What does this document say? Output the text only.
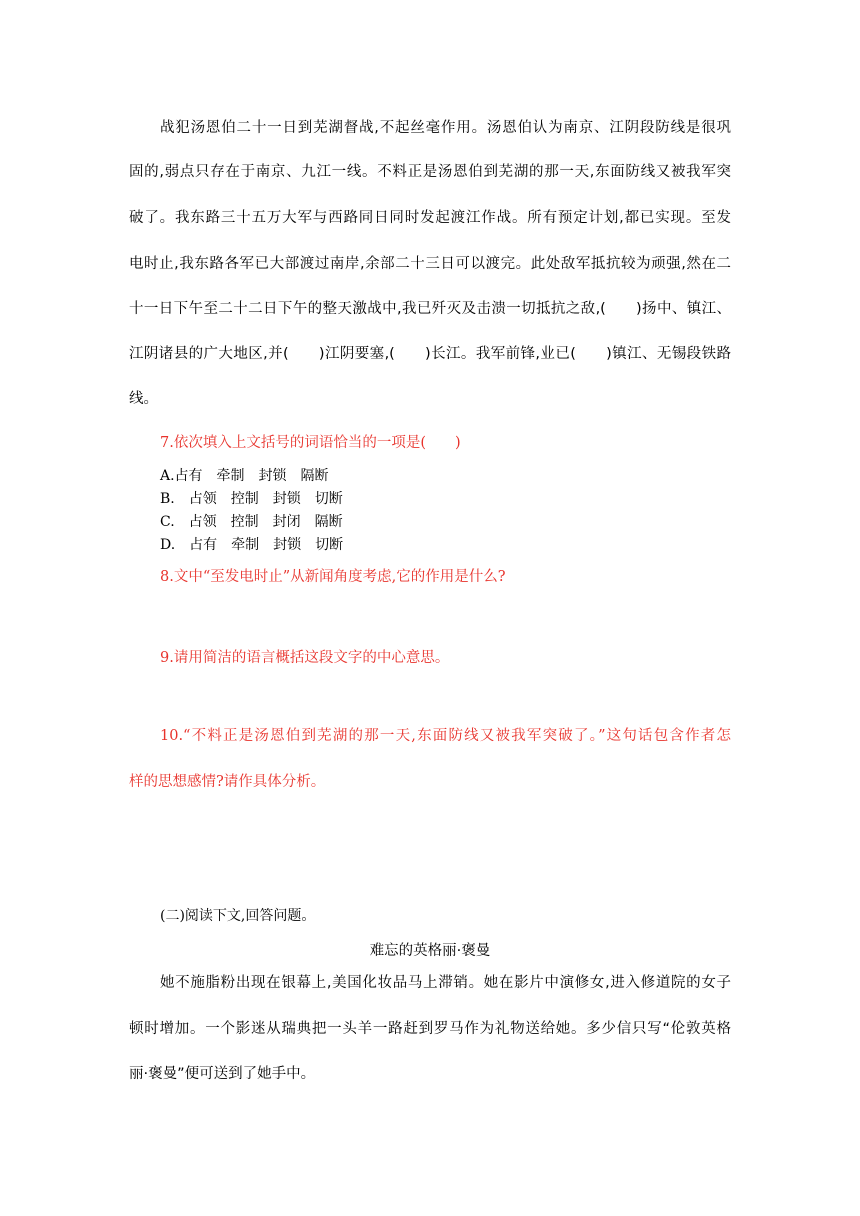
战犯汤恩伯二十一日到芜湖督战,不起丝毫作用。汤恩伯认为南京、江阴段防线是很巩
固的,弱点只存在于南京、九江一线。不料正是汤恩伯到芜湖的那一天,东面防线又被我军突
破了。我东路三十五万大军与西路同日同时发起渡江作战。所有预定计划,都已实现。至发
电时止,我东路各军已大部渡过南岸,余部二十三日可以渡完。此处敌军抵抗较为顽强,然在二
十一日下午至二十二日下午的整天激战中,我已歼灭及击溃一切抵抗之敌,(　　)扬中、镇江、
江阴诸县的广大地区,并(　　)江阴要塞,(　　)长江。我军前锋,业已(　　)镇江、无锡段铁路
线。
7.依次填入上文括号的词语恰当的一项是(　　)
A.占有　牵制　封锁　隔断
B.　占领　控制　封锁　切断
C.　占领　控制　封闭　隔断
D.　占有　牵制　封锁　切断
8.文中“至发电时止”从新闻角度考虑,它的作用是什么?
9.请用简洁的语言概括这段文字的中心意思。
10.“不料正是汤恩伯到芜湖的那一天,东面防线又被我军突破了。”这句话包含作者怎
样的思想感情?请作具体分析。
(二)阅读下文,回答问题。
难忘的英格丽·褒曼
她不施脂粉出现在银幕上,美国化妆品马上滞销。她在影片中演修女,进入修道院的女子
顿时增加。一个影迷从瑞典把一头羊一路赶到罗马作为礼物送给她。多少信只写“伦敦英格
丽·褒曼”便可送到了她手中。
